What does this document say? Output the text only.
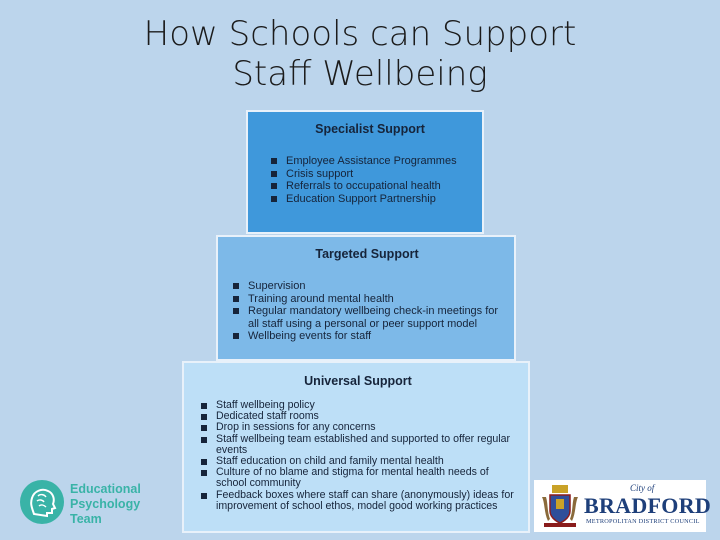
How Schools can Support
Staff Wellbeing
Specialist Support
Employee Assistance Programmes
Crisis support
Referrals to occupational health
Education Support Partnership
Targeted Support
Supervision
Training around mental health
Regular mandatory wellbeing check-in meetings for all staff using a personal or peer support model
Wellbeing events for staff
Universal Support
Staff wellbeing policy
Dedicated staff rooms
Drop in sessions for any concerns
Staff wellbeing team established and supported to offer regular events
Staff education on child and family mental health
Culture of no blame and stigma for mental health needs of school community
Feedback boxes where staff can share (anonymously) ideas for improvement of school ethos, model good working practices
Educational
Psychology
Team
City of
BRADFORD
METROPOLITAN DISTRICT COUNCIL
